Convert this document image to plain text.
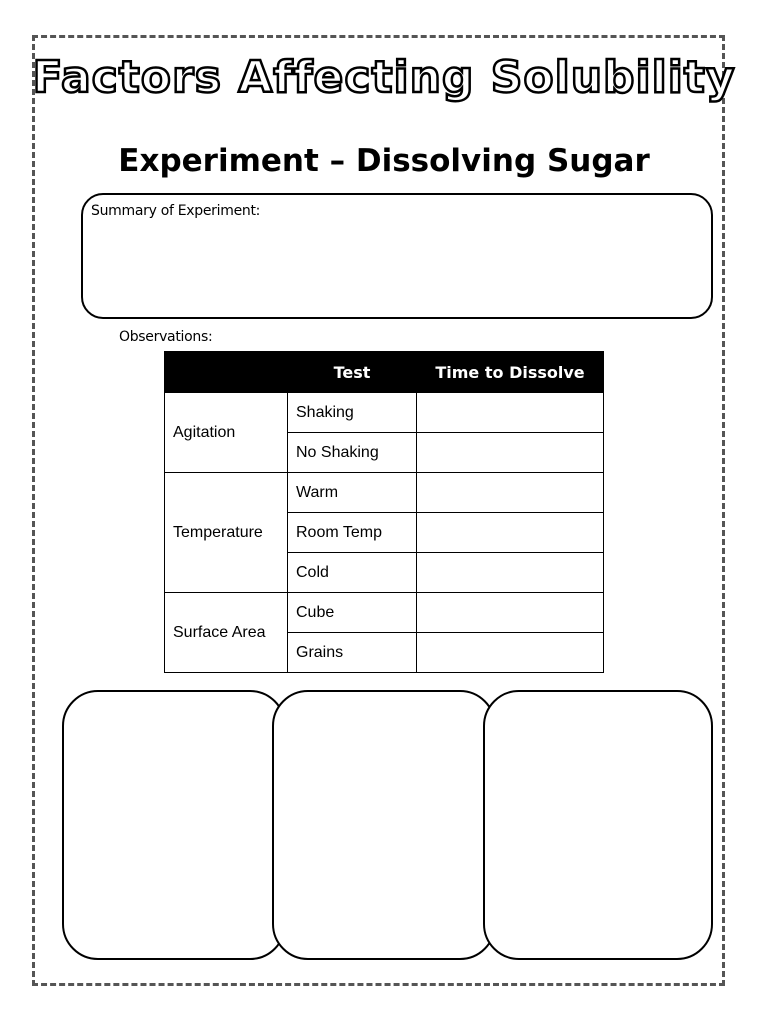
Factors Affecting Solubility
Experiment – Dissolving Sugar
Summary of Experiment:
Observations:
	Test	Time to Dissolve
Agitation	Shaking	
	No Shaking	
Temperature	Warm	
	Room Temp	
	Cold	
Surface Area	Cube	
	Grains	
